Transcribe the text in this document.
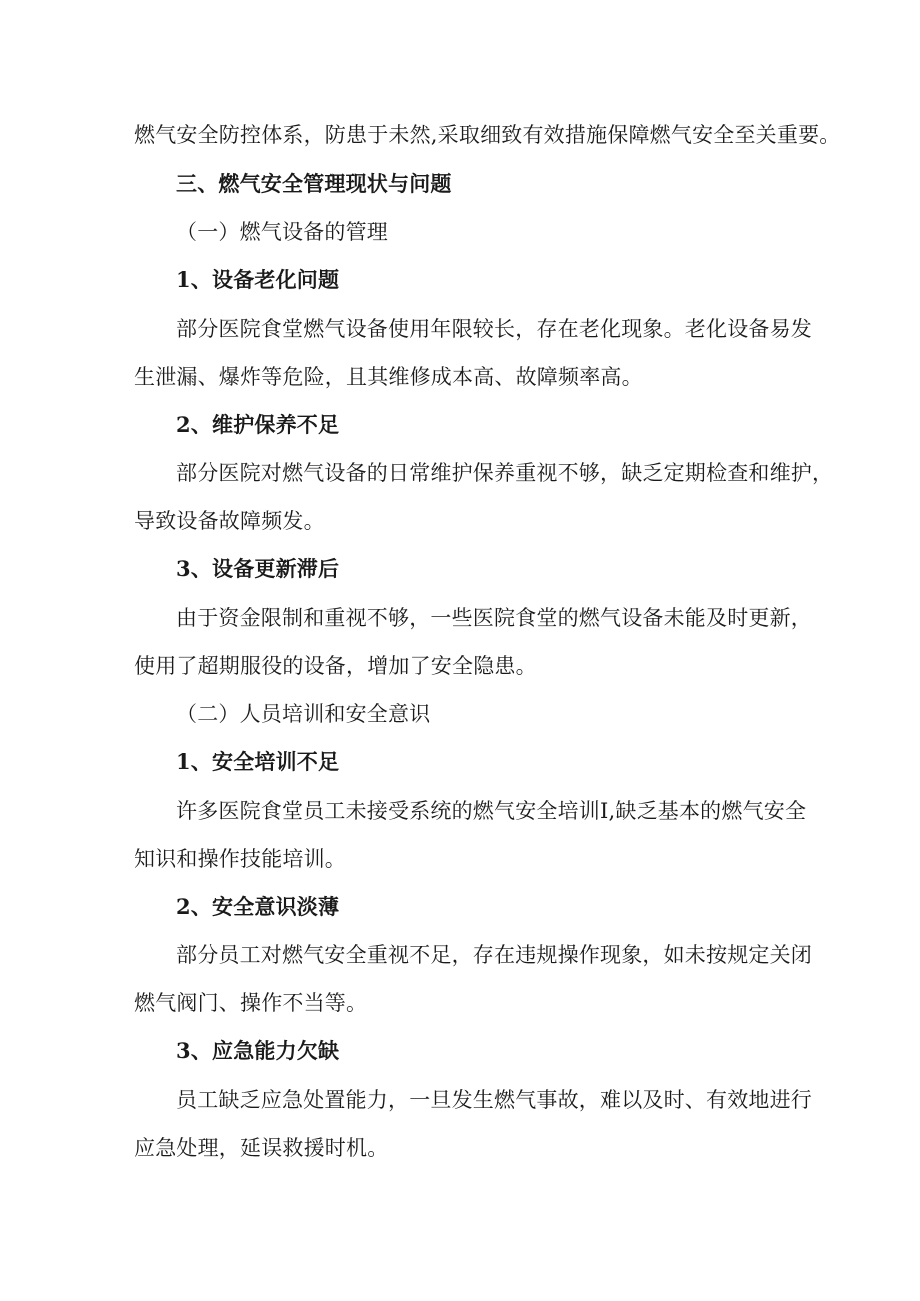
燃气安全防控体系，防患于未然,采取细致有效措施保障燃气安全至关重要。
三、燃气安全管理现状与问题
（一）燃气设备的管理
1、设备老化问题
部分医院食堂燃气设备使用年限较长，存在老化现象。老化设备易发
生泄漏、爆炸等危险，且其维修成本高、故障频率高。
2、维护保养不足
部分医院对燃气设备的日常维护保养重视不够，缺乏定期检查和维护，
导致设备故障频发。
3、设备更新滞后
由于资金限制和重视不够，一些医院食堂的燃气设备未能及时更新，
使用了超期服役的设备，增加了安全隐患。
（二）人员培训和安全意识
1、安全培训不足
许多医院食堂员工未接受系统的燃气安全培训I,缺乏基本的燃气安全
知识和操作技能培训。
2、安全意识淡薄
部分员工对燃气安全重视不足，存在违规操作现象，如未按规定关闭
燃气阀门、操作不当等。
3、应急能力欠缺
员工缺乏应急处置能力，一旦发生燃气事故，难以及时、有效地进行
应急处理，延误救援时机。
